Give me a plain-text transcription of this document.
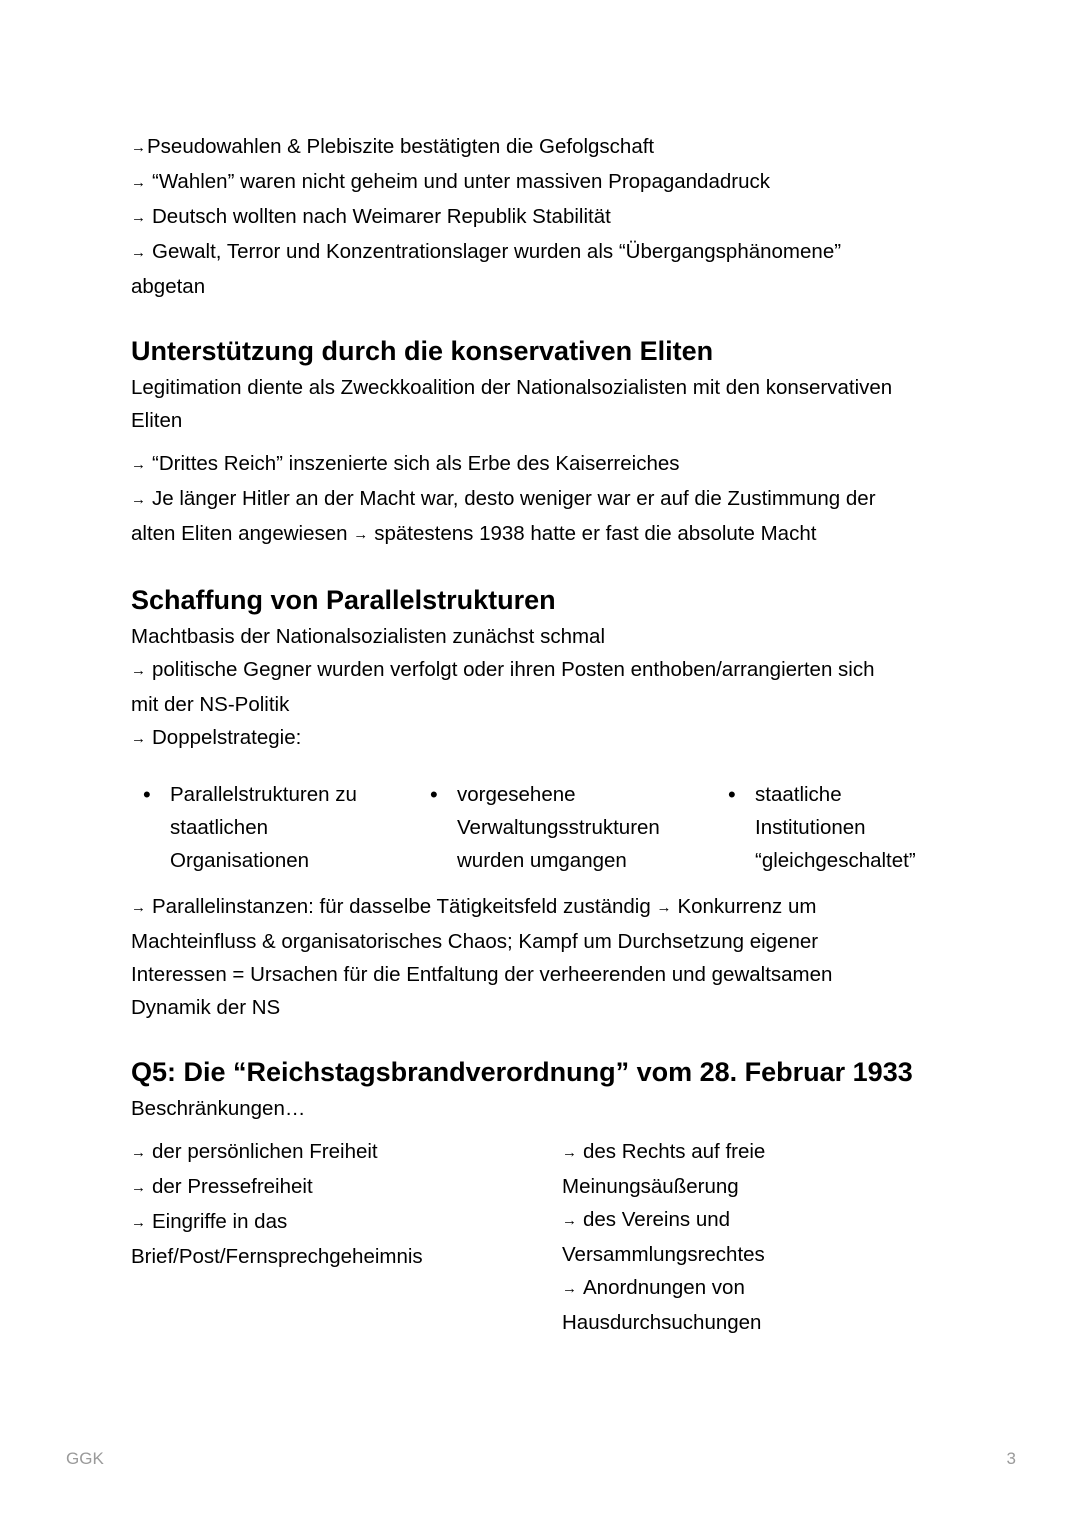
→Pseudowahlen & Plebiszite bestätigten die Gefolgschaft

→ “Wahlen” waren nicht geheim und unter massiven Propagandadruck

→ Deutsch wollten nach Weimarer Republik Stabilität

→ Gewalt, Terror und Konzentrationslager wurden als “Übergangsphänomene”

abgetan

Unterstützung durch die konservativen Eliten

Legitimation diente als Zweckkoalition der Nationalsozialisten mit den konservativen

Eliten

→ “Drittes Reich” inszenierte sich als Erbe des Kaiserreiches

→ Je länger Hitler an der Macht war, desto weniger war er auf die Zustimmung der

alten Eliten angewiesen → spätestens 1938 hatte er fast die absolute Macht

Schaffung von Parallelstrukturen

Machtbasis der Nationalsozialisten zunächst schmal

→ politische Gegner wurden verfolgt oder ihren Posten enthoben/arrangierten sich

mit der NS-Politik

→ Doppelstrategie:

• Parallelstrukturen zu
staatlichen
Organisationen
• vorgesehene
Verwaltungsstrukturen
wurden umgangen
• staatliche
Institutionen
“gleichgeschaltet”

→ Parallelinstanzen: für dasselbe Tätigkeitsfeld zuständig → Konkurrenz um

Machteinfluss & organisatorisches Chaos; Kampf um Durchsetzung eigener

Interessen = Ursachen für die Entfaltung der verheerenden und gewaltsamen

Dynamik der NS

Q5: Die “Reichstagsbrandverordnung” vom 28. Februar 1933

Beschränkungen…

→ der persönlichen Freiheit

→ der Pressefreiheit

→ Eingriffe in das

Brief/Post/Fernsprechgeheimnis

→ des Rechts auf freie

Meinungsäußerung

→ des Vereins und

Versammlungsrechtes

→ Anordnungen von

Hausdurchsuchungen

GGK	3
